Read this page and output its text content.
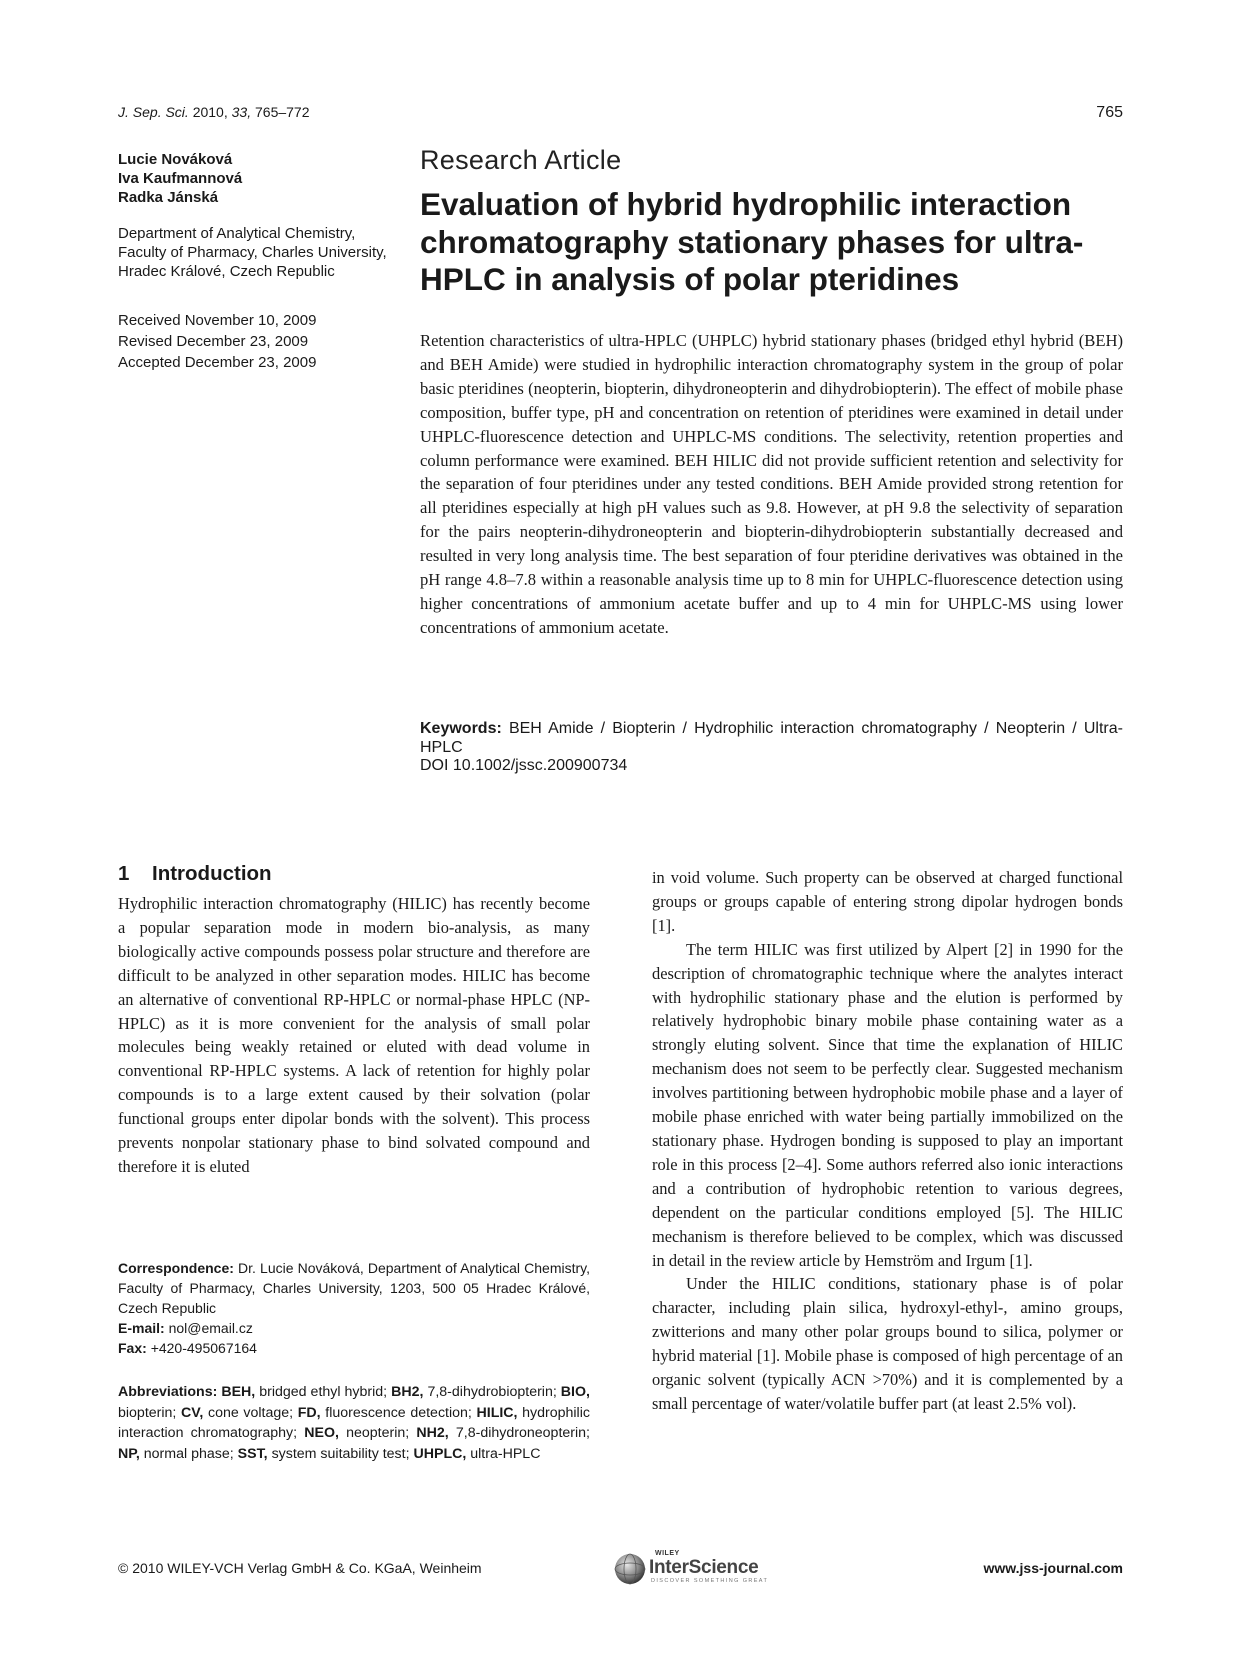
J. Sep. Sci. 2010, 33, 765–772	765
Lucie Nováková
Iva Kaufmannová
Radka Jánská
Department of Analytical Chemistry, Faculty of Pharmacy, Charles University, Hradec Králové, Czech Republic
Received November 10, 2009
Revised December 23, 2009
Accepted December 23, 2009
Research Article
Evaluation of hybrid hydrophilic interaction chromatography stationary phases for ultra-HPLC in analysis of polar pteridines
Retention characteristics of ultra-HPLC (UHPLC) hybrid stationary phases (bridged ethyl hybrid (BEH) and BEH Amide) were studied in hydrophilic interaction chromatography system in the group of polar basic pteridines (neopterin, biopterin, dihydroneopterin and dihydrobiopterin). The effect of mobile phase composition, buffer type, pH and concentration on retention of pteridines were examined in detail under UHPLC-fluorescence detection and UHPLC-MS conditions. The selectivity, retention properties and column performance were examined. BEH HILIC did not provide sufficient retention and selectivity for the separation of four pteridines under any tested conditions. BEH Amide provided strong retention for all pteridines especially at high pH values such as 9.8. However, at pH 9.8 the selectivity of separation for the pairs neopterin-dihydroneopterin and biopterin-dihydrobiopterin substantially decreased and resulted in very long analysis time. The best separation of four pteridine derivatives was obtained in the pH range 4.8–7.8 within a reasonable analysis time up to 8 min for UHPLC-fluorescence detection using higher concentrations of ammonium acetate buffer and up to 4 min for UHPLC-MS using lower concentrations of ammonium acetate.
Keywords: BEH Amide / Biopterin / Hydrophilic interaction chromatography / Neopterin / Ultra-HPLC
DOI 10.1002/jssc.200900734
1 Introduction

Hydrophilic interaction chromatography (HILIC) has recently become a popular separation mode in modern bio-analysis, as many biologically active compounds possess polar structure and therefore are difficult to be analyzed in other separation modes. HILIC has become an alternative of conventional RP-HPLC or normal-phase HPLC (NP-HPLC) as it is more convenient for the analysis of small polar molecules being weakly retained or eluted with dead volume in conventional RP-HPLC systems. A lack of retention for highly polar compounds is to a large extent caused by their solvation (polar functional groups enter dipolar bonds with the solvent). This process prevents nonpolar stationary phase to bind solvated compound and therefore it is eluted

Correspondence: Dr. Lucie Nováková, Department of Analytical Chemistry, Faculty of Pharmacy, Charles University, 1203, 500 05 Hradec Králové, Czech Republic
E-mail: nol@email.cz
Fax: +420-495067164
Abbreviations: BEH, bridged ethyl hybrid; BH2, 7,8-dihydrobiopterin; BIO, biopterin; CV, cone voltage; FD, fluorescence detection; HILIC, hydrophilic interaction chromatography; NEO, neopterin; NH2, 7,8-dihydroneopterin; NP, normal phase; SST, system suitability test; UHPLC, ultra-HPLC

in void volume. Such property can be observed at charged functional groups or groups capable of entering strong dipolar hydrogen bonds [1].

The term HILIC was first utilized by Alpert [2] in 1990 for the description of chromatographic technique where the analytes interact with hydrophilic stationary phase and the elution is performed by relatively hydrophobic binary mobile phase containing water as a strongly eluting solvent. Since that time the explanation of HILIC mechanism does not seem to be perfectly clear. Suggested mechanism involves partitioning between hydrophobic mobile phase and a layer of mobile phase enriched with water being partially immobilized on the stationary phase. Hydrogen bonding is supposed to play an important role in this process [2–4]. Some authors referred also ionic interactions and a contribution of hydrophobic retention to various degrees, dependent on the particular conditions employed [5]. The HILIC mechanism is therefore believed to be complex, which was discussed in detail in the review article by Hemström and Irgum [1].

Under the HILIC conditions, stationary phase is of polar character, including plain silica, hydroxyl-ethyl-, amino groups, zwitterions and many other polar groups bound to silica, polymer or hybrid material [1]. Mobile phase is composed of high percentage of an organic solvent (typically ACN >70%) and it is complemented by a small percentage of water/volatile buffer part (at least 2.5% vol).

© 2010 WILEY-VCH Verlag GmbH & Co. KGaA, Weinheim
WILEY
InterScience
DISCOVER SOMETHING GREAT
www.jss-journal.com
